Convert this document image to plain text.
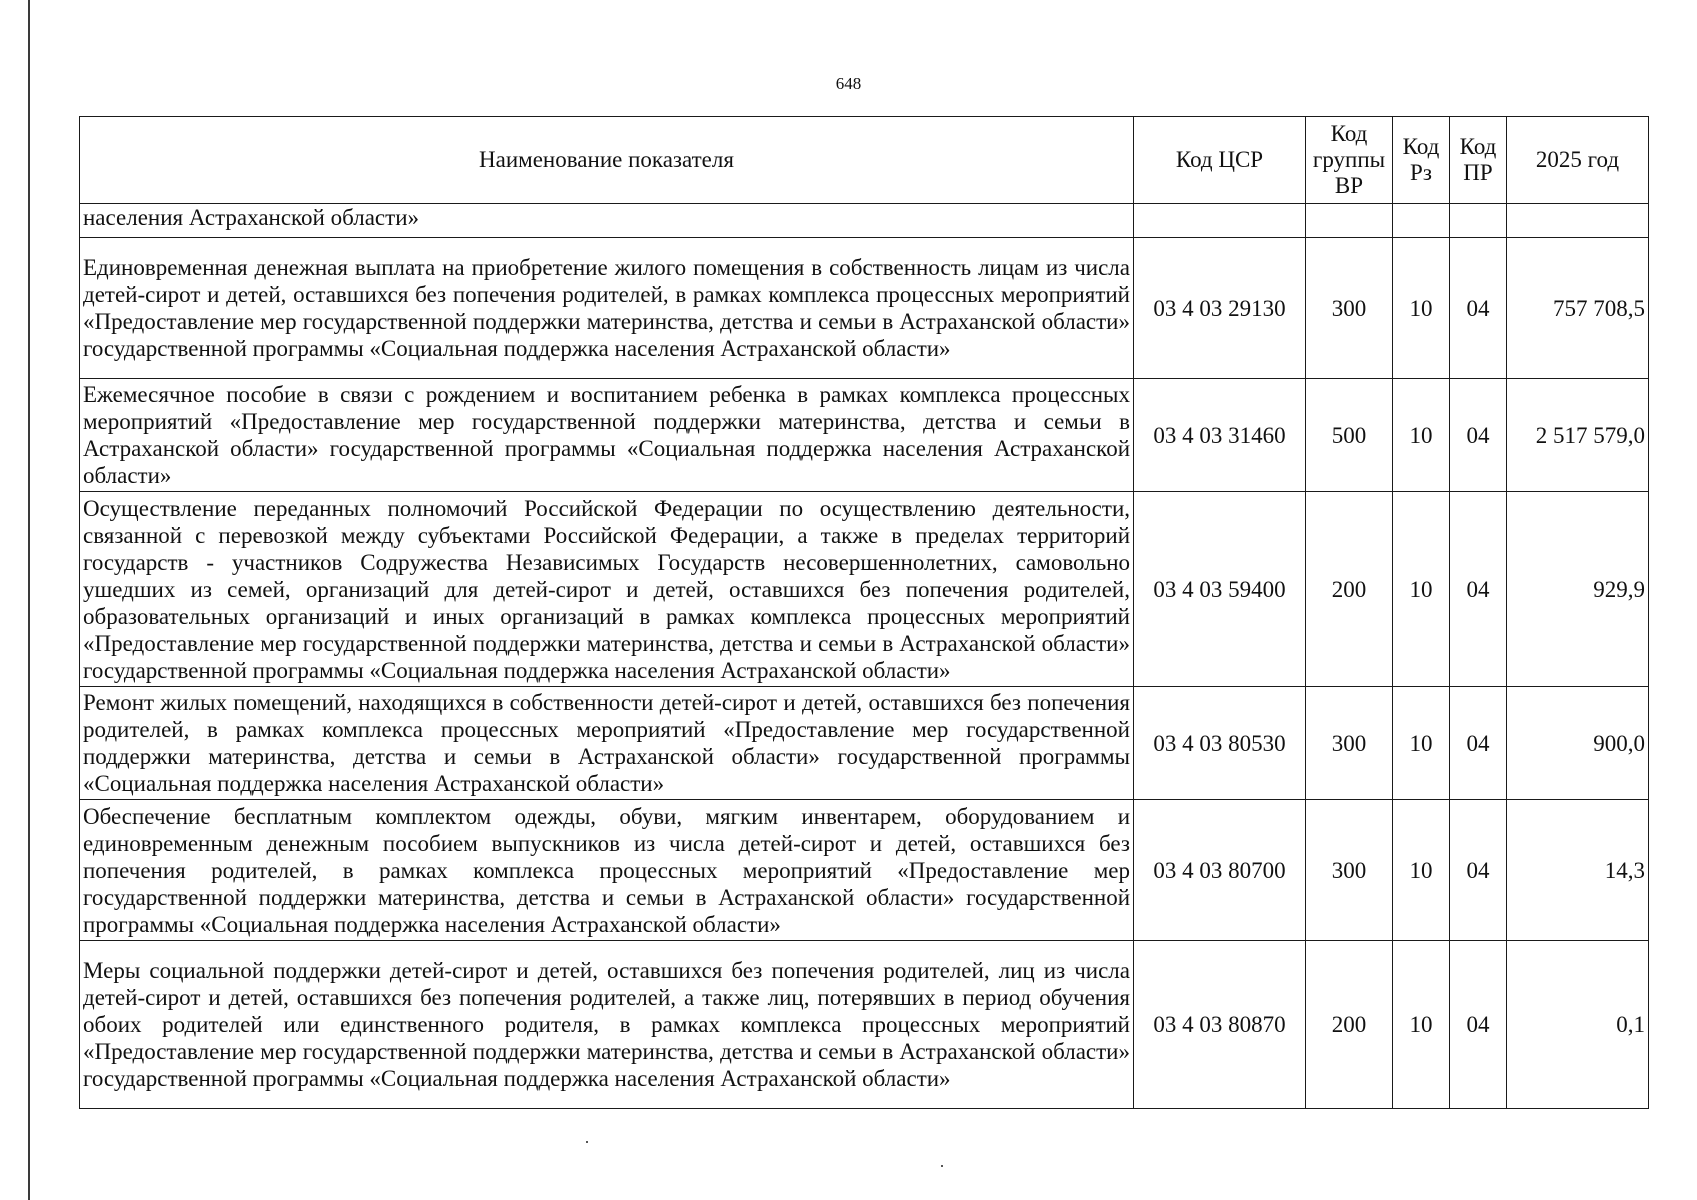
648
Наименование показателя	Код ЦСР	Код группы ВР	Код Рз	Код ПР	2025 год
населения Астраханской области»					
Единовременная денежная выплата на приобретение жилого помещения в собственность лицам из числа детей-сирот и детей, оставшихся без попечения родителей, в рамках комплекса процессных мероприятий «Предоставление мер государственной поддержки материнства, детства и семьи в Астраханской области» государственной программы «Социальная поддержка населения Астраханской области»	03 4 03 29130	300	10	04	757 708,5
Ежемесячное пособие в связи с рождением и воспитанием ребенка в рамках комплекса процессных мероприятий «Предоставление мер государственной поддержки материнства, детства и семьи в Астраханской области» государственной программы «Социальная поддержка населения Астраханской области»	03 4 03 31460	500	10	04	2 517 579,0
Осуществление переданных полномочий Российской Федерации по осуществлению деятельности, связанной с перевозкой между субъектами Российской Федерации, а также в пределах территорий государств - участников Содружества Независимых Государств несовершеннолетних, самовольно ушедших из семей, организаций для детей-сирот и детей, оставшихся без попечения родителей, образовательных организаций и иных организаций в рамках комплекса процессных мероприятий «Предоставление мер государственной поддержки материнства, детства и семьи в Астраханской области» государственной программы «Социальная поддержка населения Астраханской области»	03 4 03 59400	200	10	04	929,9
Ремонт жилых помещений, находящихся в собственности детей-сирот и детей, оставшихся без попечения родителей, в рамках комплекса процессных мероприятий «Предоставление мер государственной поддержки материнства, детства и семьи в Астраханской области» государственной программы «Социальная поддержка населения Астраханской области»	03 4 03 80530	300	10	04	900,0
Обеспечение бесплатным комплектом одежды, обуви, мягким инвентарем, оборудованием и единовременным денежным пособием выпускников из числа детей-сирот и детей, оставшихся без попечения родителей, в рамках комплекса процессных мероприятий «Предоставление мер государственной поддержки материнства, детства и семьи в Астраханской области» государственной программы «Социальная поддержка населения Астраханской области»	03 4 03 80700	300	10	04	14,3
Меры социальной поддержки детей-сирот и детей, оставшихся без попечения родителей, лиц из числа детей-сирот и детей, оставшихся без попечения родителей, а также лиц, потерявших в период обучения обоих родителей или единственного родителя, в рамках комплекса процессных мероприятий «Предоставление мер государственной поддержки материнства, детства и семьи в Астраханской области» государственной программы «Социальная поддержка населения Астраханской области»	03 4 03 80870	200	10	04	0,1
